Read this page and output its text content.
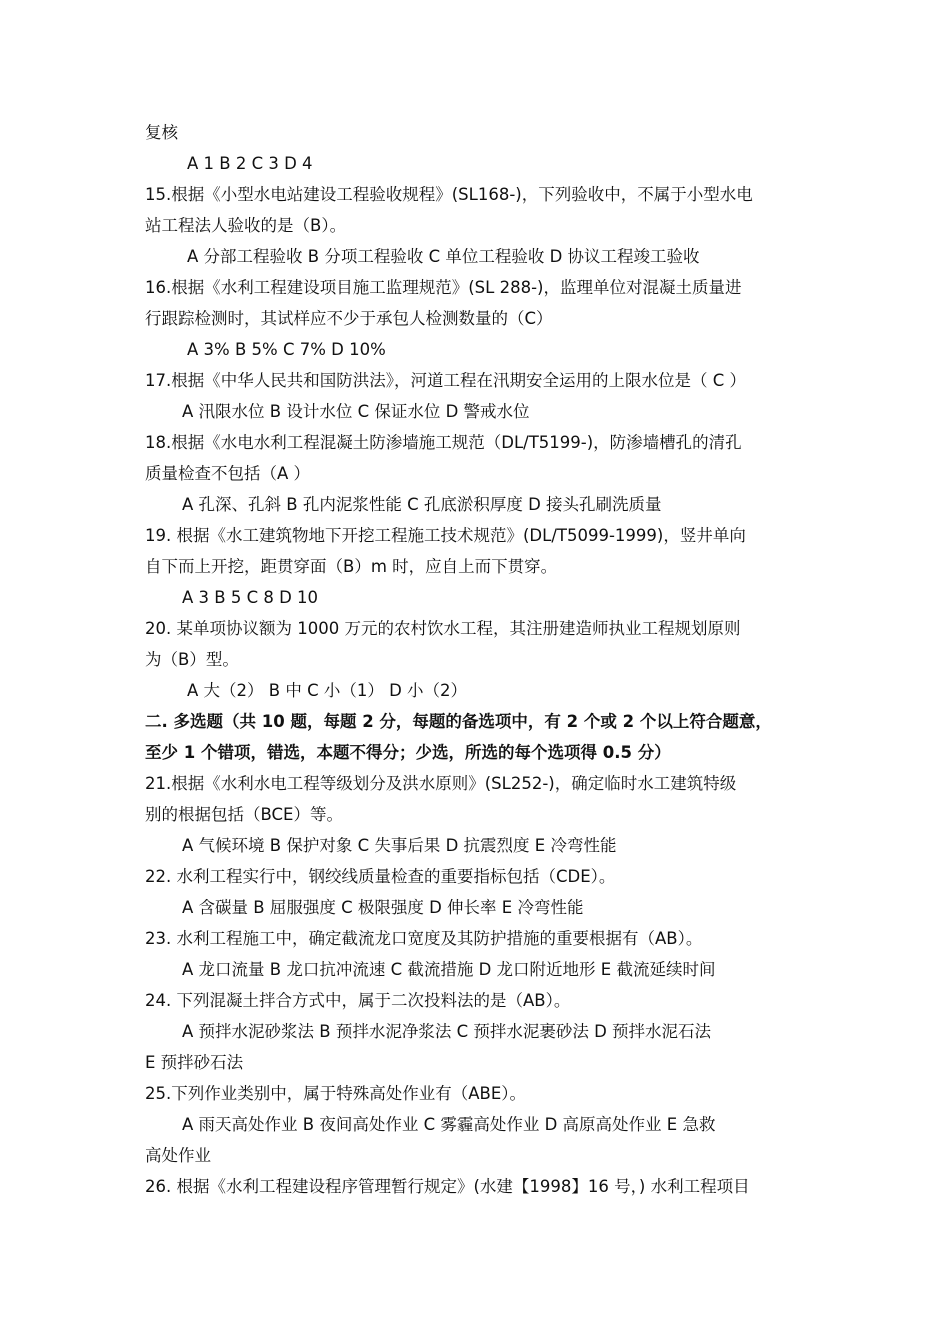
复核
A 1 B 2 C 3 D 4
15.根据《小型水电站建设工程验收规程》(SL168-)，下列验收中，不属于小型水电
站工程法人验收的是（B）。
A 分部工程验收 B 分项工程验收 C 单位工程验收 D 协议工程竣工验收
16.根据《水利工程建设项目施工监理规范》(SL 288-)，监理单位对混凝土质量进
行跟踪检测时，其试样应不少于承包人检测数量的（C）
A 3% B 5% C 7% D 10%
17.根据《中华人民共和国防洪法》，河道工程在汛期安全运用的上限水位是（ C ）
A 汛限水位 B 设计水位 C 保证水位 D 警戒水位
18.根据《水电水利工程混凝土防渗墙施工规范（DL/T5199-)，防渗墙槽孔的清孔
质量检查不包括（A ）
A 孔深、孔斜 B 孔内泥浆性能 C 孔底淤积厚度 D 接头孔刷洗质量
19. 根据《水工建筑物地下开挖工程施工技术规范》(DL/T5099-1999)，竖井单向
自下而上开挖，距贯穿面（B）m 时，应自上而下贯穿。
A 3 B 5 C 8 D 10
20. 某单项协议额为 1000 万元的农村饮水工程，其注册建造师执业工程规划原则
为（B）型。
A 大（2） B 中 C 小（1） D 小（2）
二. 多选题（共 10 题，每题 2 分，每题的备选项中，有 2 个或 2 个以上符合题意，
至少 1 个错项，错选，本题不得分；少选，所选的每个选项得 0.5 分）
21.根据《水利水电工程等级划分及洪水原则》(SL252-)，确定临时水工建筑特级
别的根据包括（BCE）等。
A 气候环境 B 保护对象 C 失事后果 D 抗震烈度 E 冷弯性能
22. 水利工程实行中，钢绞线质量检查的重要指标包括（CDE）。
A 含碳量 B 屈服强度 C 极限强度 D 伸长率 E 冷弯性能
23. 水利工程施工中，确定截流龙口宽度及其防护措施的重要根据有（AB）。
A 龙口流量 B 龙口抗冲流速 C 截流措施 D 龙口附近地形 E 截流延续时间
24. 下列混凝土拌合方式中，属于二次投料法的是（AB）。
A 预拌水泥砂浆法 B 预拌水泥净浆法 C 预拌水泥裹砂法 D 预拌水泥石法
E 预拌砂石法
25.下列作业类别中，属于特殊高处作业有（ABE）。
A 雨天高处作业 B 夜间高处作业 C 雾霾高处作业 D 高原高处作业 E 急救
高处作业
26. 根据《水利工程建设程序管理暂行规定》(水建【1998】16 号，) 水利工程项目
